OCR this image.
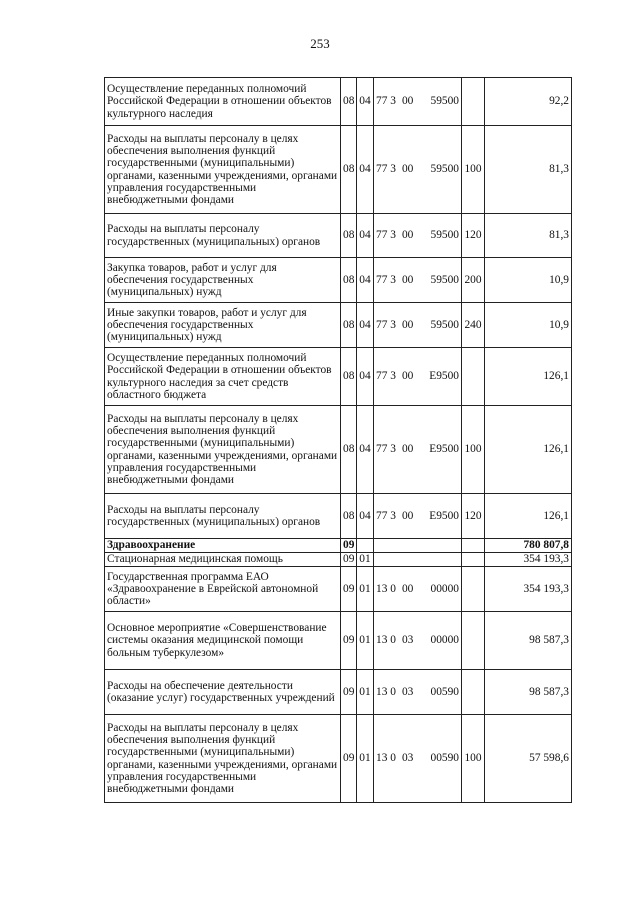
253
Осуществление переданных полномочий Российской Федерации в отношении объектов культурного наследия	08	04	77 3 00 59500		92,2
Расходы на выплаты персоналу в целях обеспечения выполнения функций государственными (муниципальными) органами, казенными учреждениями, органами управления государственными внебюджетными фондами	08	04	77 3 00 59500	100	81,3
Расходы на выплаты персоналу государственных (муниципальных) органов	08	04	77 3 00 59500	120	81,3
Закупка товаров, работ и услуг для обеспечения государственных (муниципальных) нужд	08	04	77 3 00 59500	200	10,9
Иные закупки товаров, работ и услуг для обеспечения государственных (муниципальных) нужд	08	04	77 3 00 59500	240	10,9
Осуществление переданных полномочий Российской Федерации в отношении объектов культурного наследия за счет средств областного бюджета	08	04	77 3 00 E9500		126,1
Расходы на выплаты персоналу в целях обеспечения выполнения функций государственными (муниципальными) органами, казенными учреждениями, органами управления государственными внебюджетными фондами	08	04	77 3 00 E9500	100	126,1
Расходы на выплаты персоналу государственных (муниципальных) органов	08	04	77 3 00 E9500	120	126,1
Здравоохранение	09				780 807,8
Стационарная медицинская помощь	09	01			354 193,3
Государственная программа ЕАО «Здравоохранение в Еврейской автономной области»	09	01	13 0 00 00000		354 193,3
Основное мероприятие «Совершенствование системы оказания медицинской помощи больным туберкулезом»	09	01	13 0 03 00000		98 587,3
Расходы на обеспечение деятельности (оказание услуг) государственных учреждений	09	01	13 0 03 00590		98 587,3
Расходы на выплаты персоналу в целях обеспечения выполнения функций государственными (муниципальными) органами, казенными учреждениями, органами управления государственными внебюджетными фондами	09	01	13 0 03 00590	100	57 598,6
